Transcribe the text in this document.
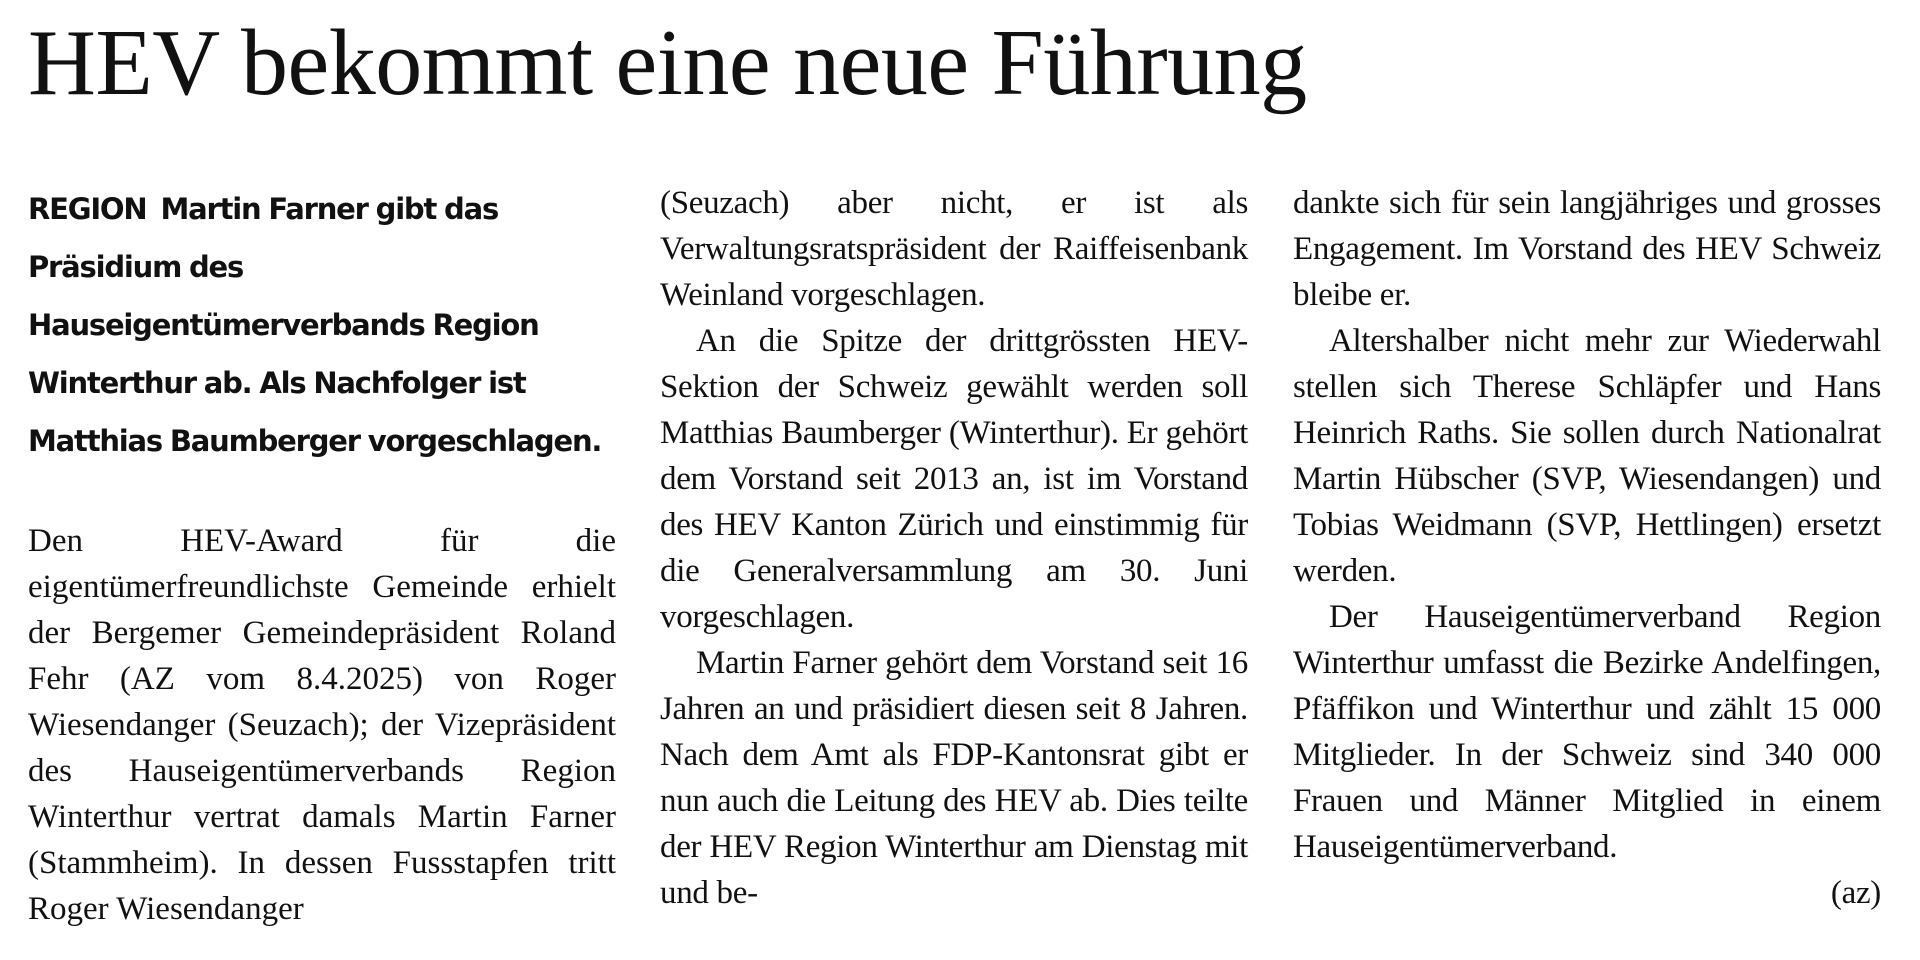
HEV bekommt eine neue Führung

REGION Martin Farner gibt das Präsidium des Hauseigentümerverbands Region Winterthur ab. Als Nachfolger ist Matthias Baumberger vorgeschlagen.

Den HEV-Award für die eigentümerfreundlichste Gemeinde erhielt der Bergemer Gemeindepräsident Roland Fehr (AZ vom 8.4.2025) von Roger Wiesendanger (Seuzach); der Vizepräsident des Hauseigentümerverbands Region Winterthur vertrat damals Martin Farner (Stammheim). In dessen Fussstapfen tritt Roger Wiesendanger

(Seuzach) aber nicht, er ist als Verwaltungsratspräsident der Raiffeisenbank Weinland vorgeschlagen.

An die Spitze der drittgrössten HEV-Sektion der Schweiz gewählt werden soll Matthias Baumberger (Winterthur). Er gehört dem Vorstand seit 2013 an, ist im Vorstand des HEV Kanton Zürich und einstimmig für die Generalversammlung am 30. Juni vorgeschlagen.

Martin Farner gehört dem Vorstand seit 16 Jahren an und präsidiert diesen seit 8 Jahren. Nach dem Amt als FDP-Kantonsrat gibt er nun auch die Leitung des HEV ab. Dies teilte der HEV Region Winterthur am Dienstag mit und be-

dankte sich für sein langjähriges und grosses Engagement. Im Vorstand des HEV Schweiz bleibe er.

Altershalber nicht mehr zur Wiederwahl stellen sich Therese Schläpfer und Hans Heinrich Raths. Sie sollen durch Nationalrat Martin Hübscher (SVP, Wiesendangen) und Tobias Weidmann (SVP, Hettlingen) ersetzt werden.

Der Hauseigentümerverband Region Winterthur umfasst die Bezirke Andelfingen, Pfäffikon und Winterthur und zählt 15 000 Mitglieder. In der Schweiz sind 340 000 Frauen und Männer Mitglied in einem Hauseigentümerverband.

(az)
